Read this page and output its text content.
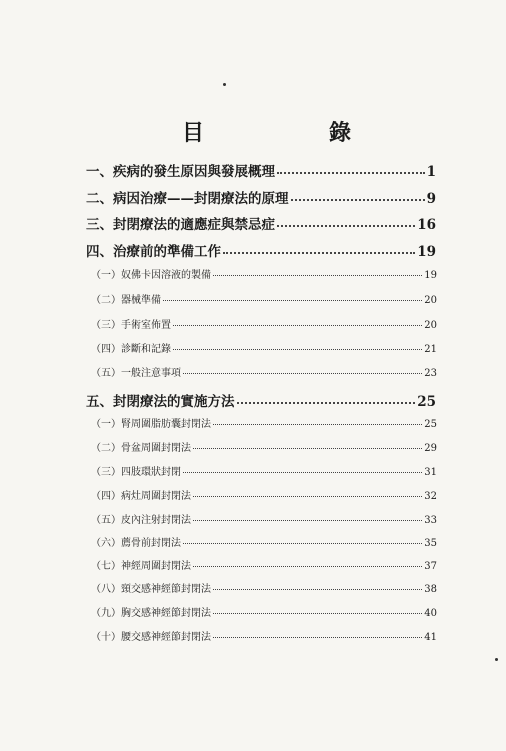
目	錄
一、疾病的發生原因與發展概理	1
二、病因治療——封閉療法的原理	9
三、封閉療法的適應症與禁忌症	16
四、治療前的準備工作	19
（一）奴佛卡因溶液的製備	19
（二）器械準備	20
（三）手術室佈置	20
（四）診斷和記錄	21
（五）一般注意事項	23
五、封閉療法的實施方法	25
（一）腎周圍脂肪囊封閉法	25
（二）骨盆周圍封閉法	29
（三）四肢環狀封閉	31
（四）病灶周圍封閉法	32
（五）皮內注射封閉法	33
（六）薦骨前封閉法	35
（七）神經周圍封閉法	37
（八）頸交感神經節封閉法	38
（九）胸交感神經節封閉法	40
（十）腰交感神經節封閉法	41
